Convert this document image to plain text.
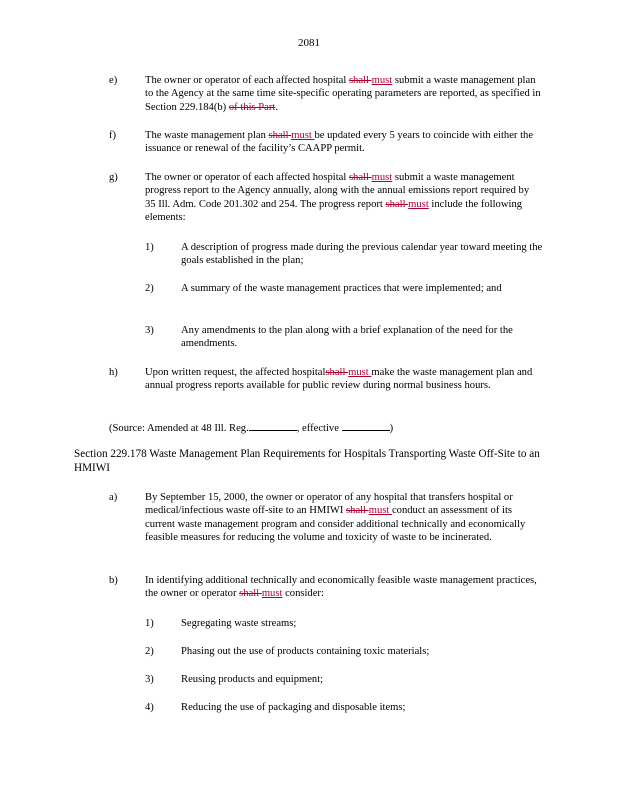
2081
e)	The owner or operator of each affected hospital shall must submit a waste management plan to the Agency at the same time site-specific operating parameters are reported, as specified in Section 229.184(b) of this Part.
f)	The waste management plan shall must be updated every 5 years to coincide with either the issuance or renewal of the facility’s CAAPP permit.
g)	The owner or operator of each affected hospital shall must submit a waste management progress report to the Agency annually, along with the annual emissions report required by 35 Ill. Adm. Code 201.302 and 254. The progress report shall must include the following elements:
1)	A description of progress made during the previous calendar year toward meeting the goals established in the plan;
2)	A summary of the waste management practices that were implemented; and
3)	Any amendments to the plan along with a brief explanation of the need for the amendments.
h)	Upon written request, the affected hospitalshall must make the waste management plan and annual progress reports available for public review during normal business hours.
(Source: Amended at 48 Ill. Reg.	, effective	)
Section 229.178 Waste Management Plan Requirements for Hospitals Transporting Waste Off-Site to an HMIWI
a)	By September 15, 2000, the owner or operator of any hospital that transfers hospital or medical/infectious waste off-site to an HMIWI shall must conduct an assessment of its current waste management program and consider additional technically and economically feasible measures for reducing the volume and toxicity of waste to be incinerated.
b)	In identifying additional technically and economically feasible waste management practices, the owner or operator shall must consider:
1)	Segregating waste streams;
2)	Phasing out the use of products containing toxic materials;
3)	Reusing products and equipment;
4)	Reducing the use of packaging and disposable items;
